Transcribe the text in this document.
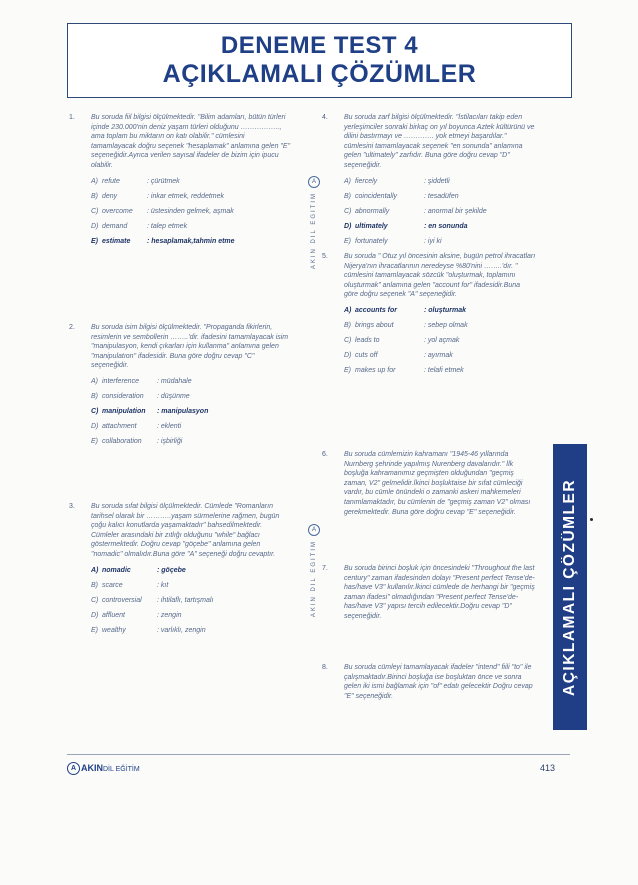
DENEME TEST 4
AÇIKLAMALI ÇÖZÜMLER
1. Bu soruda fiil bilgisi ölçülmektedir. "Bilim adamları, bütün türleri içinde 230.000'nin deniz yaşam türleri olduğunu …………….., ama toplam bu miktarın on katı olabilir." cümlesini tamamlayacak doğru seçenek "hesaplamak" anlamına gelen "E" seçeneğidir.Ayrıca verilen sayısal ifadeler de bizim için ipucu olabilir.
A) refute	: çürütmek
B) deny	: inkar etmek, reddetmek
C) overcome : üstesinden gelmek, aşmak
D) demand	: talep etmek
E) estimate : hesaplamak,tahmin etme
2. Bu soruda isim bilgisi ölçülmektedir. "Propaganda fikirlerin, resimlerin ve sembollerin ……..'dir. ifadesini tamamlayacak isim "manipulasyon, kendi çıkarları için kullanma" anlamına gelen "manipulatıon" ifadesidir. Buna göre doğru cevap "C" seçeneğidir.
A) interference	: müdahale
B) consideration : düşünme
C) manipulation : manipulasyon
D) attachment	: eklenti
E) collaboration : işbirliği
3. Bu soruda sıfat bilgisi ölçülmektedir. Cümlede "Romanların tarihsel olarak bir ………..yaşam sürmelerine rağmen, bugün çoğu kalıcı konutlarda yaşamaktadır" bahsedilmektedir. Cümleler arasındaki bir zıtlığı olduğunu "while" bağlacı göstermektedir. Doğru cevap "göçebe" anlamına gelen "nomadic" olmalıdır.Buna göre "A" seçeneği doğru cevaptır.
A) nomadic	: göçebe
B) scarce	: kıt
C) controversial : ihtilaflı, tartışmalı
D) affluent	: zengin
E) wealthy	: varlıklı, zengin
A
AKIN DİL EĞİTİM
A
AKIN DİL EĞİTİM
4. Bu soruda zarf bilgisi ölçülmektedir. "İstilacıları takip eden yerleşimciler sonraki birkaç on yıl boyunca Aztek kültürünü ve dilini bastırmayı ve …………. yok etmeyi başardılar." cümlesini tamamlayacak seçenek "en sonunda" anlamına gelen "ultimately" zarfıdır. Buna göre doğru cevap "D" seçeneğidir.
A) fiercely	: şiddetli
B) coincidentally	: tesadüfen
C) abnormally	: anormal bir şekilde
D) ultimately	: en sonunda
E) fortunately	: iyi ki
5. Bu soruda " Otuz yıl öncesinin aksine, bugün petrol ihracatları Nijerya'nın ihracatlarının neredeyse %80'nini ……..'dır. " cümlesini tamamlayacak sözcük "oluşturmak, toplamını oluşturmak" anlamına gelen "account for" ifadesidir.Buna göre doğru seçenek "A" seçeneğidir.
A) accounts for	: oluşturmak
B) brings about	: sebep olmak
C) leads to	: yol açmak
D) cuts off	: ayırmak
E) makes up for	: telafi etmek
6. Bu soruda cümlemizin kahramanı "1945-46 yıllarında Nurnberg şehrinde yapılmış Nurenberg davalarıdır." İlk boşluğa kahramanımız geçmişten olduğundan "geçmiş zaman, V2" gelmelidir.İkinci boşluktaise bir sıfat cümleciği vardır, bu cümle önündeki o zamanki askeri mahkemeleri tanımlamaktadır, bu cümlenin de "geçmiş zaman V2" olması gerekmektedir. Buna göre doğru cevap "E" seçeneğidir.
7. Bu soruda birinci boşluk için öncesindeki "Throughout the last century" zaman ifadesinden dolayı "Present perfect Tense'de- has/have V3" kullanılır.İkinci cümlede de herhangi bir "geçmiş zaman ifadesi" olmadığından "Present perfect Tense'de- has/have V3" yapısı tercih edilecektir.Doğru cevap "D" seçeneğidir.
8. Bu soruda cümleyi tamamlayacak ifadeler "intend" fiili "to" ile çalışmaktadır.Birinci boşluğa ise boşluktan önce ve sonra gelen iki ismi bağlamak için "of" edatı gelecektir Doğru cevap "E" seçeneğidir.
AÇIKLAMALI ÇÖZÜMLER
A AKINDİL EĞİTİM	413
